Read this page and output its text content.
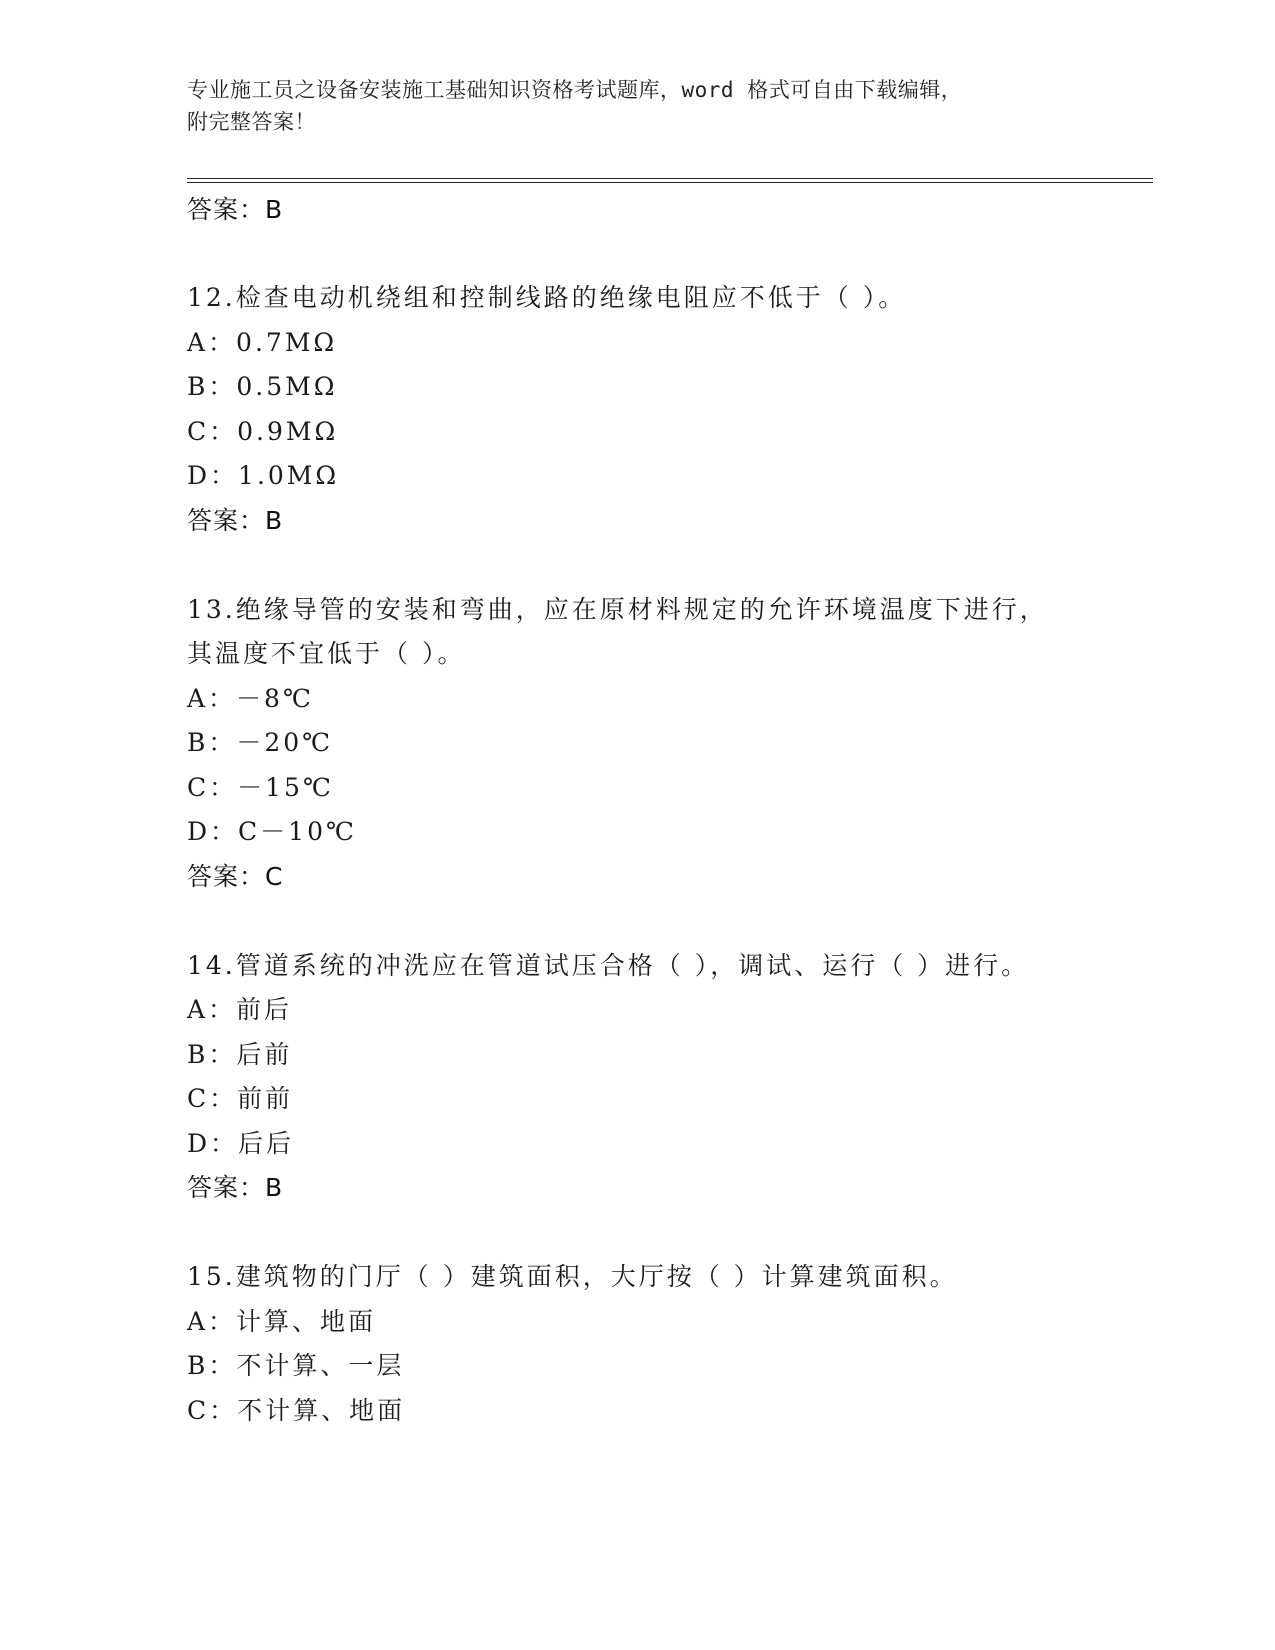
专业施工员之设备安装施工基础知识资格考试题库，word 格式可自由下载编辑，
附完整答案！
答案：B
12.检查电动机绕组和控制线路的绝缘电阻应不低于（ ）。
A：0.7MΩ
B：0.5MΩ
C：0.9MΩ
D：1.0MΩ
答案：B
13.绝缘导管的安装和弯曲，应在原材料规定的允许环境温度下进行，
其温度不宜低于（ ）。
A：－8℃
B：－20℃
C：－15℃
D：C－10℃
答案：C
14.管道系统的冲洗应在管道试压合格（ ），调试、运行（ ）进行。
A：前后
B：后前
C：前前
D：后后
答案：B
15.建筑物的门厅（ ）建筑面积，大厅按（ ）计算建筑面积。
A：计算、地面
B：不计算、一层
C：不计算、地面
